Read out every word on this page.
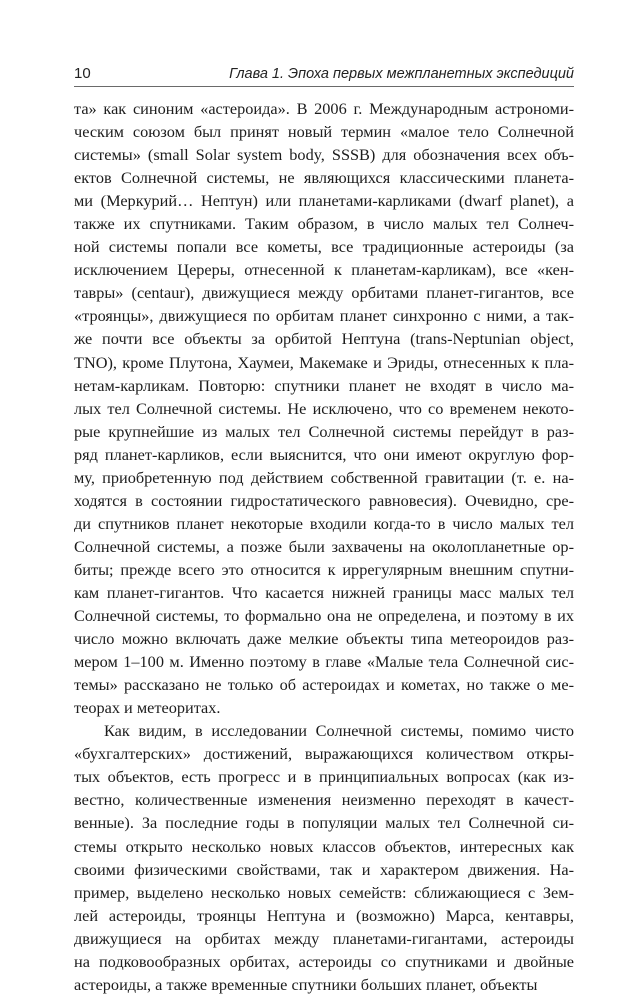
10	Глава 1. Эпоха первых межпланетных экспедиций
та» как синоним «астероида». В 2006 г. Международным астрономи-
ческим союзом был принят новый термин «малое тело Солнечной
системы» (small Solar system body, SSSB) для обозначения всех объ-
ектов Солнечной системы, не являющихся классическими планета-
ми (Меркурий… Нептун) или планетами-карликами (dwarf planet), а
также их спутниками. Таким образом, в число малых тел Солнеч-
ной системы попали все кометы, все традиционные астероиды (за
исключением Цереры, отнесенной к планетам-карликам), все «кен-
тавры» (centaur), движущиеся между орбитами планет-гигантов, все
«троянцы», движущиеся по орбитам планет синхронно с ними, а так-
же почти все объекты за орбитой Нептуна (trans-Neptunian object,
TNO), кроме Плутона, Хаумеи, Макемаке и Эриды, отнесенных к пла-
нетам-карликам. Повторю: спутники планет не входят в число ма-
лых тел Солнечной системы. Не исключено, что со временем некото-
рые крупнейшие из малых тел Солнечной системы перейдут в раз-
ряд планет-карликов, если выяснится, что они имеют округлую фор-
му, приобретенную под действием собственной гравитации (т. е. на-
ходятся в состоянии гидростатического равновесия). Очевидно, сре-
ди спутников планет некоторые входили когда-то в число малых тел
Солнечной системы, а позже были захвачены на околопланетные ор-
биты; прежде всего это относится к иррегулярным внешним спутни-
кам планет-гигантов. Что касается нижней границы масс малых тел
Солнечной системы, то формально она не определена, и поэтому в их
число можно включать даже мелкие объекты типа метеороидов раз-
мером 1–100 м. Именно поэтому в главе «Малые тела Солнечной сис-
темы» рассказано не только об астероидах и кометах, но также о ме-
теорах и метеоритах.
Как видим, в исследовании Солнечной системы, помимо чисто
«бухгалтерских» достижений, выражающихся количеством откры-
тых объектов, есть прогресс и в принципиальных вопросах (как из-
вестно, количественные изменения неизменно переходят в качест-
венные). За последние годы в популяции малых тел Солнечной си-
стемы открыто несколько новых классов объектов, интересных как
своими физическими свойствами, так и характером движения. На-
пример, выделено несколько новых семейств: сближающиеся с Зем-
лей астероиды, троянцы Нептуна и (возможно) Марса, кентавры,
движущиеся на орбитах между планетами-гигантами, астероиды
на подковообразных орбитах, астероиды со спутниками и двойные
астероиды, а также временные спутники больших планет, объекты
